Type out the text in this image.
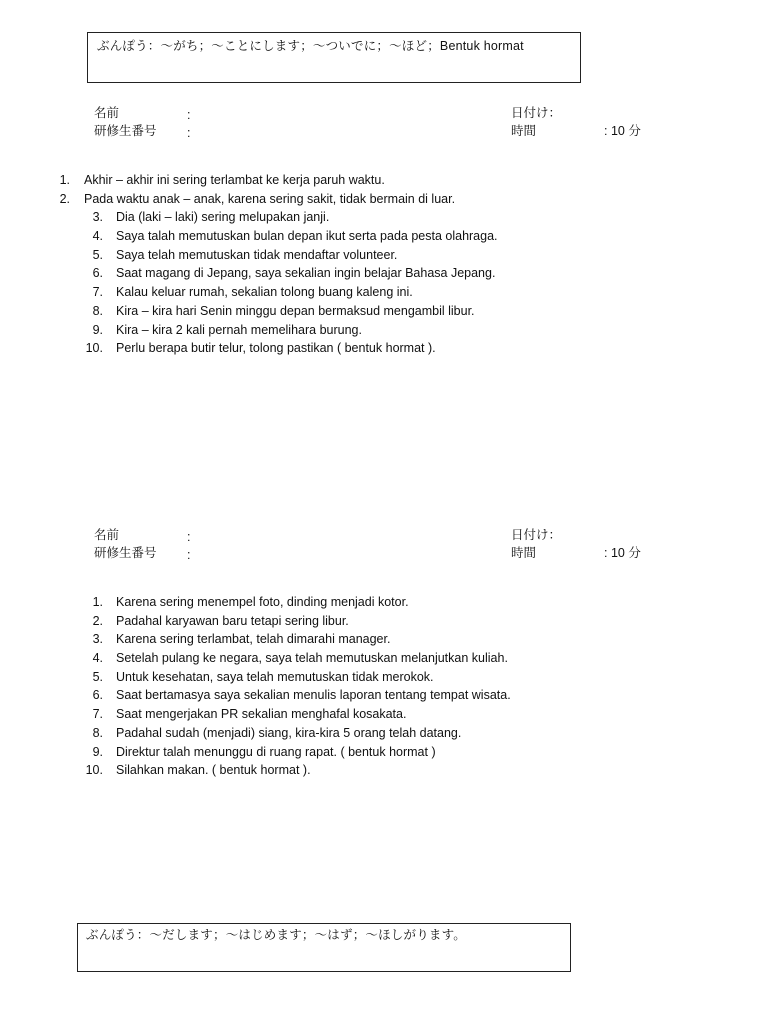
ぶんぽう：〜がち；〜ことにします；〜ついでに；〜ほど；Bentuk hormat
名前	:
研修生番号 :
日付け：
時間	: 10 分
1. Akhir – akhir ini sering terlambat ke kerja paruh waktu.
2. Pada waktu anak – anak, karena sering sakit, tidak bermain di luar.
3. Dia (laki – laki) sering melupakan janji.
4. Saya talah memutuskan bulan depan ikut serta pada pesta olahraga.
5. Saya telah memutuskan tidak mendaftar volunteer.
6. Saat magang di Jepang, saya sekalian ingin belajar Bahasa Jepang.
7. Kalau keluar rumah, sekalian tolong buang kaleng ini.
8. Kira – kira hari Senin minggu depan bermaksud mengambil libur.
9. Kira – kira 2 kali pernah memelihara burung.
10. Perlu berapa butir telur, tolong pastikan ( bentuk hormat ).
名前	:
研修生番号 :
日付け：
時間	: 10 分
1. Karena sering menempel foto, dinding menjadi kotor.
2. Padahal karyawan baru tetapi sering libur.
3. Karena sering terlambat, telah dimarahi manager.
4. Setelah pulang ke negara, saya telah memutuskan melanjutkan kuliah.
5. Untuk kesehatan, saya telah memutuskan tidak merokok.
6. Saat bertamasya saya sekalian menulis laporan tentang tempat wisata.
7. Saat mengerjakan PR sekalian menghafal kosakata.
8. Padahal sudah (menjadi) siang, kira-kira 5 orang telah datang.
9. Direktur talah menunggu di ruang rapat. ( bentuk hormat )
10. Silahkan makan. ( bentuk hormat ).
ぶんぽう：〜だします；〜はじめます；〜はず；〜ほしがります。
